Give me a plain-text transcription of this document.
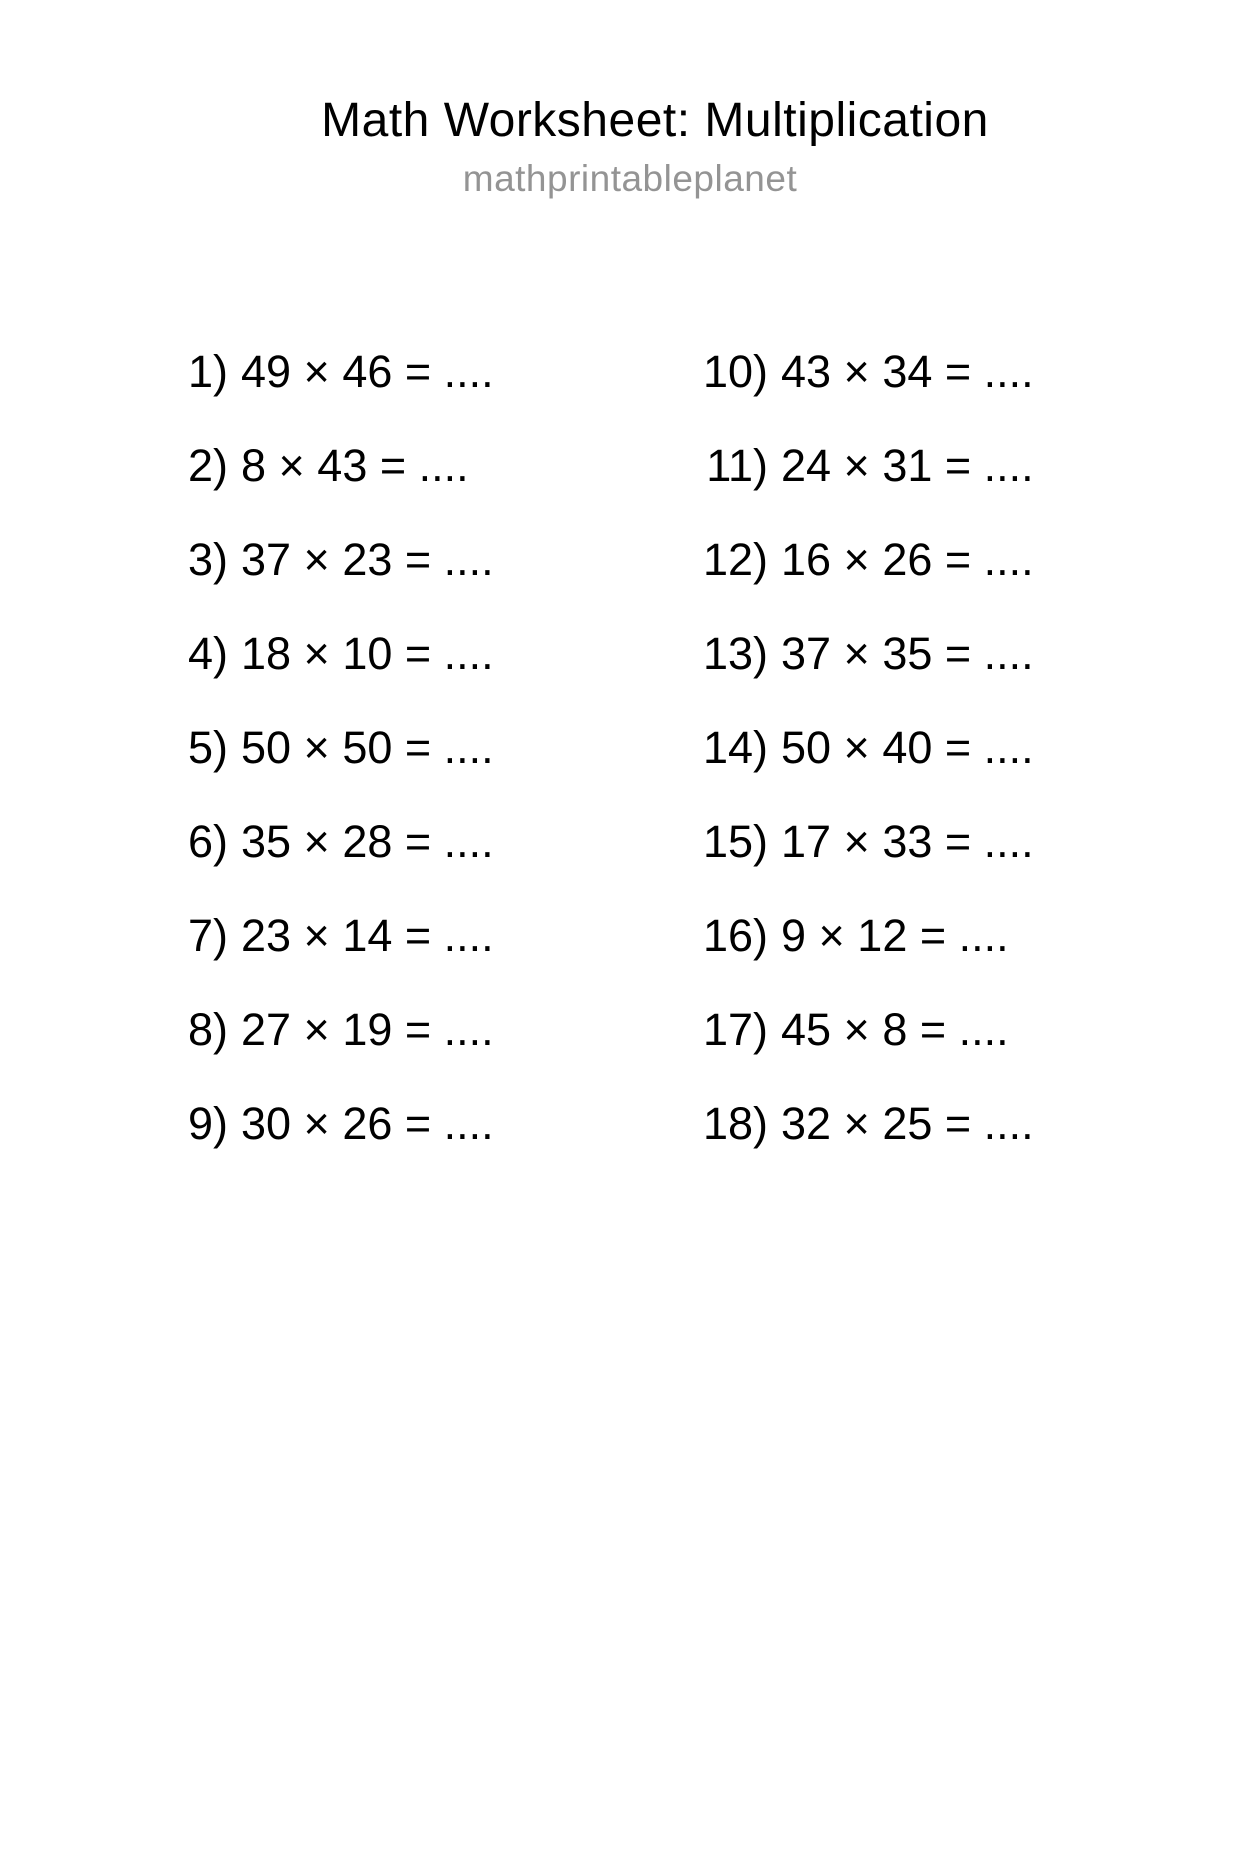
Math Worksheet: Multiplication
mathprintableplanet
1) 49 × 46 = ....
2) 8 × 43 = ....
3) 37 × 23 = ....
4) 18 × 10 = ....
5) 50 × 50 = ....
6) 35 × 28 = ....
7) 23 × 14 = ....
8) 27 × 19 = ....
9) 30 × 26 = ....
10) 43 × 34 = ....
11) 24 × 31 = ....
12) 16 × 26 = ....
13) 37 × 35 = ....
14) 50 × 40 = ....
15) 17 × 33 = ....
16) 9 × 12 = ....
17) 45 × 8 = ....
18) 32 × 25 = ....
